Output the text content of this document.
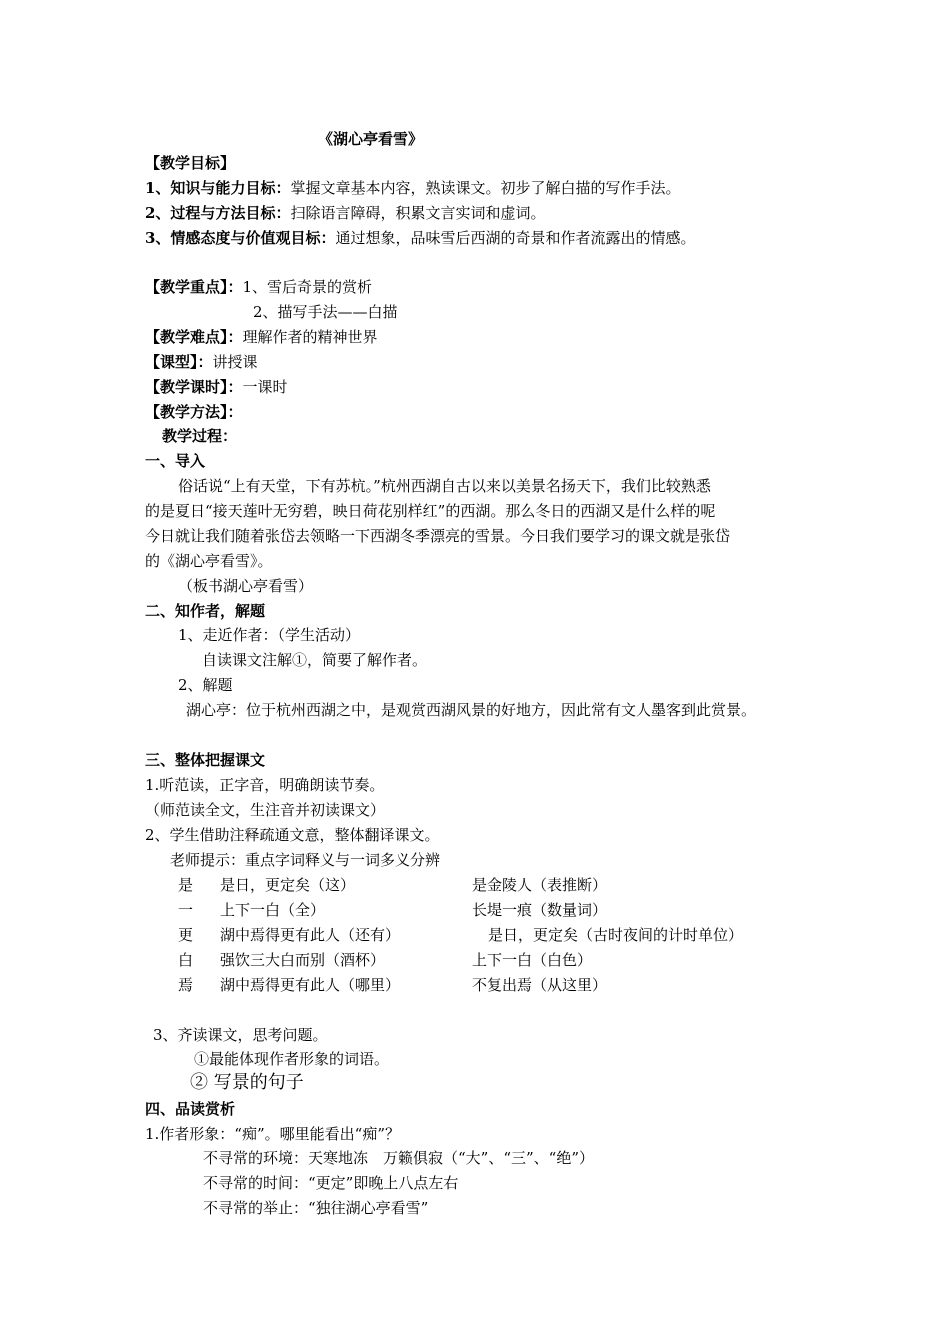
《湖心亭看雪》
【教学目标】
1、知识与能力目标：掌握文章基本内容，熟读课文。初步了解白描的写作手法。
2、过程与方法目标：扫除语言障碍，积累文言实词和虚词。
3、情感态度与价值观目标：通过想象，品味雪后西湖的奇景和作者流露出的情感。
【教学重点】：1、雪后奇景的赏析
2、描写手法——白描
【教学难点】：理解作者的精神世界
【课型】：讲授课
【教学课时】：一课时
【教学方法】：
教学过程：
一、导入
俗话说“上有天堂，下有苏杭。”杭州西湖自古以来以美景名扬天下，我们比较熟悉
的是夏日“接天莲叶无穷碧，映日荷花别样红”的西湖。那么冬日的西湖又是什么样的呢
今日就让我们随着张岱去领略一下西湖冬季漂亮的雪景。今日我们要学习的课文就是张岱
的《湖心亭看雪》。
（板书湖心亭看雪）
二、知作者，解题
1、走近作者：（学生活动）
自读课文注解①，简要了解作者。
2、解题
湖心亭：位于杭州西湖之中，是观赏西湖风景的好地方，因此常有文人墨客到此赏景。
三、整体把握课文
1.听范读，正字音，明确朗读节奏。
（师范读全文，生注音并初读课文）
2、学生借助注释疏通文意，整体翻译课文。
老师提示：重点字词释义与一词多义分辨
是 是日，更定矣（这）	是金陵人（表推断）
一 上下一白（全）	长堤一痕（数量词）
更 湖中焉得更有此人（还有）	是日，更定矣（古时夜间的计时单位）
白 强饮三大白而别（酒杯）	上下一白（白色）
焉 湖中焉得更有此人（哪里）	不复出焉（从这里）
3、齐读课文，思考问题。
①最能体现作者形象的词语。
② 写景的句子
四、品读赏析
1.作者形象：“痴”。哪里能看出“痴”？
不寻常的环境：天寒地冻　万籁俱寂（“大”、“三”、“绝”）
不寻常的时间：“更定”即晚上八点左右
不寻常的举止：“独往湖心亭看雪”
